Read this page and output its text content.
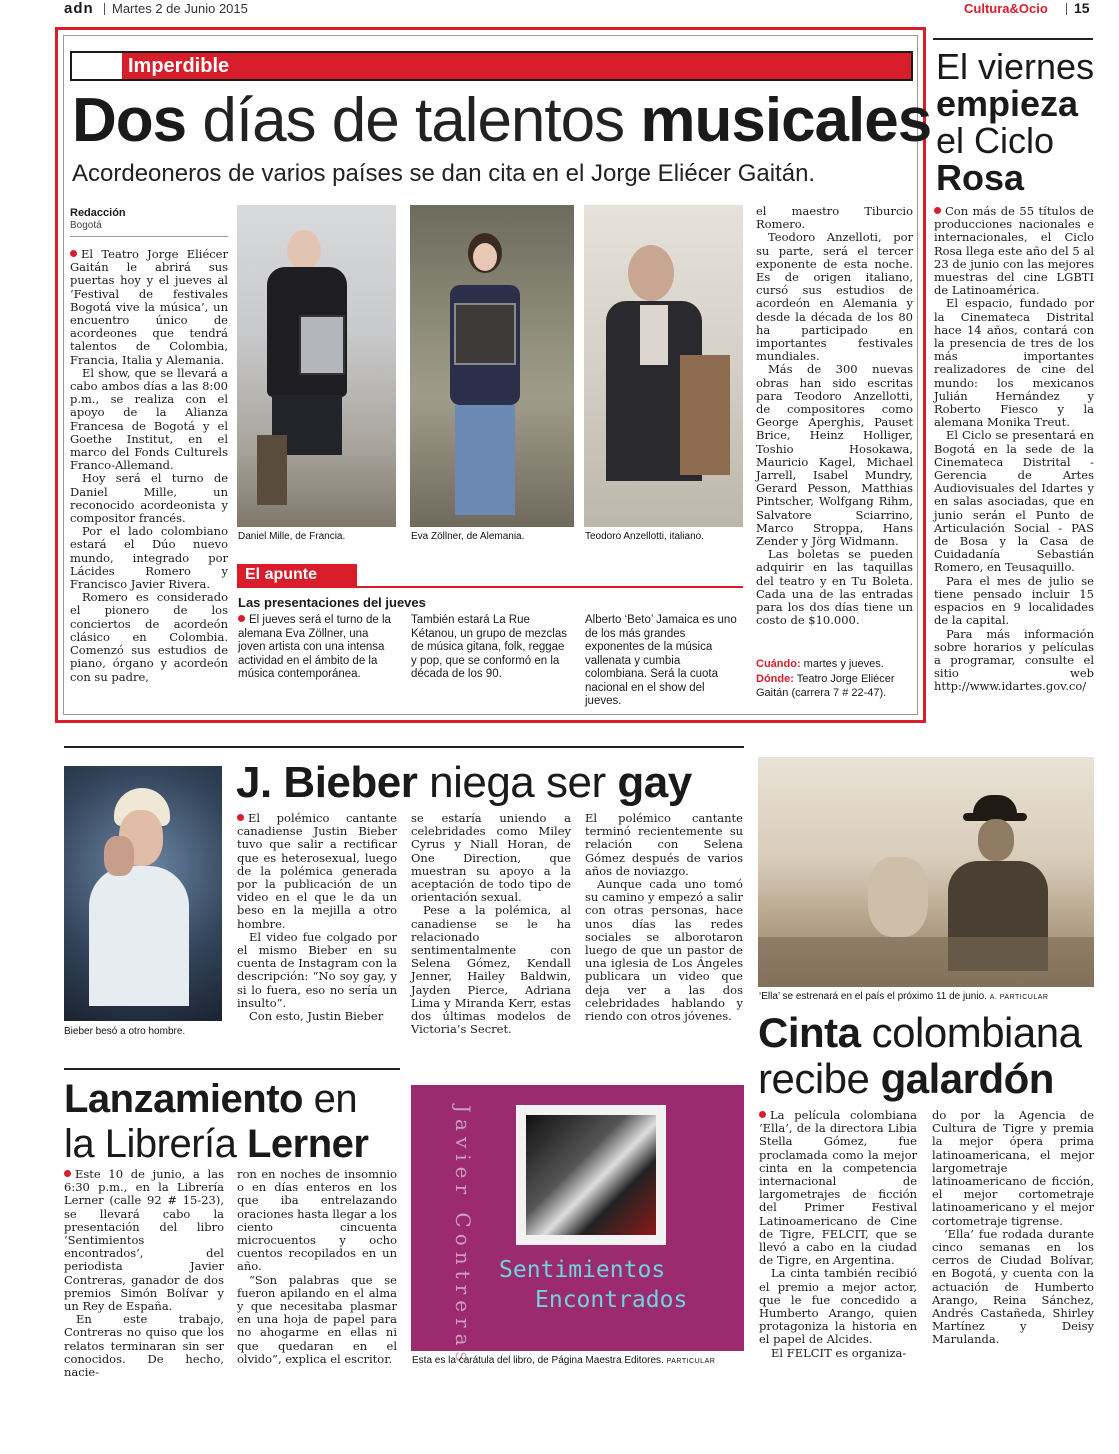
adn Martes 2 de Junio 2015	Cultura&Ocio 15
Imperdible
Dos días de talentos musicales
Acordeoneros de varios países se dan cita en el Jorge Eliécer Gaitán.
Redacción
Bogotá

El Teatro Jorge Eliécer Gaitán le abrirá sus puertas hoy y el jueves al ‘Festival de festivales Bogotá vive la música’, un encuentro único de acordeones que tendrá talentos de Colombia, Francia, Italia y Alemania.

El show, que se llevará a cabo ambos días a las 8:00 p.m., se realiza con el apoyo de la Alianza Francesa de Bogotá y el Goethe Institut, en el marco del Fonds Culturels Franco-Allemand.

Hoy será el turno de Daniel Mille, un reconocido acordeonista y compositor francés.

Por el lado colombiano estará el Dúo nuevo mundo, integrado por Lácides Romero y Francisco Javier Rivera.

Romero es considerado el pionero de los conciertos de acordeón clásico en Colombia. Comenzó sus estudios de piano, órgano y acordeón con su padre,

Daniel Mille, de Francia.	Eva Zöllner, de Alemania.	Teodoro Anzellotti, italiano.

el maestro Tiburcio Romero.

Teodoro Anzelloti, por su parte, será el tercer exponente de esta noche. Es de origen italiano, cursó sus estudios de acordeón en Alemania y desde la década de los 80 ha participado en importantes festivales mundiales.

Más de 300 nuevas obras han sido escritas para Teodoro Anzellotti, de compositores como George Aperghis, Pauset Brice, Heinz Holliger, Toshio Hosokawa, Mauricio Kagel, Michael Jarrell, Isabel Mundry, Gerard Pesson, Matthias Pintscher, Wolfgang Rihm, Salvatore Sciarrino, Marco Stroppa, Hans Zender y Jörg Widmann.

Las boletas se pueden adquirir en las taquillas del teatro y en Tu Boleta. Cada una de las entradas para los dos días tiene un costo de $10.000.

El apunte
Las presentaciones del jueves
El jueves será el turno de la alemana Eva Zöllner, una joven artista con una intensa actividad en el ámbito de la música contemporánea.
También estará La Rue Kétanou, un grupo de mezclas de música gitana, folk, reggae y pop, que se conformó en la década de los 90.
Alberto ‘Beto’ Jamaica es uno de los más grandes exponentes de la música vallenata y cumbia colombiana. Será la cuota nacional en el show del jueves.
Cuándo: martes y jueves.
Dónde: Teatro Jorge Eliécer Gaitán (carrera 7 # 22-47).
El viernes
empieza
el Ciclo
Rosa

Con más de 55 títulos de producciones nacionales e internacionales, el Ciclo Rosa llega este año del 5 al 23 de junio con las mejores muestras del cine LGBTI de Latinoamérica.

El espacio, fundado por la Cinemateca Distrital hace 14 años, contará con la presencia de tres de los más importantes realizadores de cine del mundo: los mexicanos Julián Hernández y Roberto Fiesco y la alemana Monika Treut.

El Ciclo se presentará en Bogotá en la sede de la Cinemateca Distrital - Gerencia de Artes Audiovisuales del Idartes y en salas asociadas, que en junio serán el Punto de Articulación Social - PAS de Bosa y la Casa de Cuidadanía Sebastián Romero, en Teusaquillo.

Para el mes de julio se tiene pensado incluir 15 espacios en 9 localidades de la capital.

Para más información sobre horarios y películas a programar, consulte el sitio web http://www.idartes.gov.co/

Bieber besó a otro hombre.
J. Bieber niega ser gay

El polémico cantante canadiense Justin Bieber tuvo que salir a rectificar que es heterosexual, luego de la polémica generada por la publicación de un video en el que le da un beso en la mejilla a otro hombre.

El video fue colgado por el mismo Bieber en su cuenta de Instagram con la descripción: “No soy gay, y si lo fuera, eso no sería un insulto”.

Con esto, Justin Bieber

se estaría uniendo a celebridades como Miley Cyrus y Niall Horan, de One Direction, que muestran su apoyo a la aceptación de todo tipo de orientación sexual.

Pese a la polémica, al canadiense se le ha relacionado sentimentalmente con Selena Gómez, Kendall Jenner, Hailey Baldwin, Jayden Pierce, Adriana Lima y Miranda Kerr, estas dos últimas modelos de Victoria’s Secret.

El polémico cantante terminó recientemente su relación con Selena Gómez después de varios años de noviazgo.

Aunque cada uno tomó su camino y empezó a salir con otras personas, hace unos días las redes sociales se alborotaron luego de que un pastor de una iglesia de Los Ángeles publicara un video que deja ver a las dos celebridades hablando y riendo con otros jóvenes.

‘Ella’ se estrenará en el país el próximo 11 de junio. A. PARTICULAR
Cinta colombiana
recibe galardón

La película colombiana ‘Ella’, de la directora Libia Stella Gómez, fue proclamada como la mejor cinta en la competencia internacional de largometrajes de ficción del Primer Festival Latinoamericano de Cine de Tigre, FELCIT, que se llevó a cabo en la ciudad de Tigre, en Argentina.

La cinta también recibió el premio a mejor actor, que le fue concedido a Humberto Arango, quien protagoniza la historia en el papel de Alcides.

El FELCIT es organiza-

do por la Agencia de Cultura de Tigre y premia la mejor ópera prima latinoamericana, el mejor largometraje latinoamericano de ficción, el mejor cortometraje latinoamericano y el mejor cortometraje tigrense.

‘Ella’ fue rodada durante cinco semanas en los cerros de Ciudad Bolívar, en Bogotá, y cuenta con la actuación de Humberto Arango, Reina Sánchez, Andrés Castañeda, Shirley Martínez y Deisy Marulanda.

Lanzamiento en
la Librería Lerner

Este 10 de junio, a las 6:30 p.m., en la Librería Lerner (calle 92 # 15-23), se llevará cabo la presentación del libro ‘Sentimientos encontrados’, del periodista Javier Contreras, ganador de dos premios Simón Bolívar y un Rey de España.

En este trabajo, Contreras no quiso que los relatos terminaran sin ser conocidos. De hecho, nacie-

ron en noches de insomnio o en días enteros en los que iba entrelazando oraciones hasta llegar a los ciento cincuenta microcuentos y ocho cuentos recopilados en un año.

“Son palabras que se fueron apilando en el alma y que necesitaba plasmar en una hoja de papel para no ahogarme en ellas ni que quedaran en el olvido”, explica el escritor.	Javier Contreras Sentimientos
Encontrados
Esta es la carátula del libro, de Página Maestra Editores. PARTICULAR
